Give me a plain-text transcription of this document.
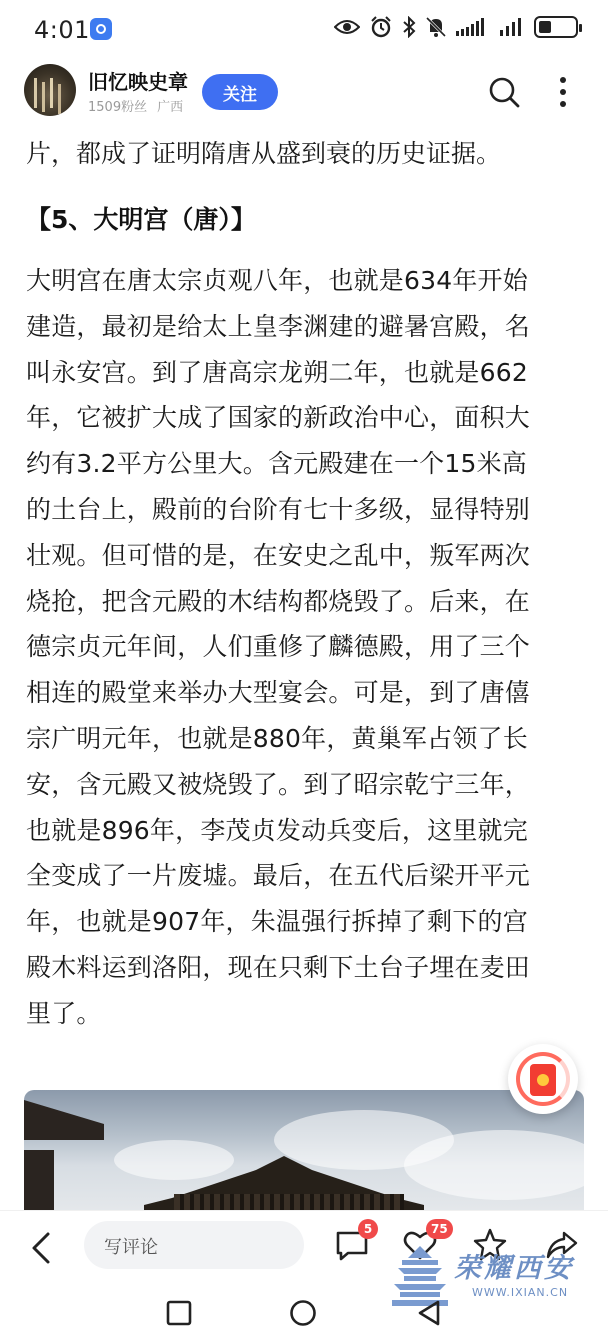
4:01
旧忆映史章
1509粉丝 广西
关注
片，都成了证明隋唐从盛到衰的历史证据。
【5、大明宫（唐）】
大明宫在唐太宗贞观八年，也就是634年开始
建造，最初是给太上皇李渊建的避暑宫殿，名
叫永安宫。到了唐高宗龙朔二年，也就是662
年，它被扩大成了国家的新政治中心，面积大
约有3.2平方公里大。含元殿建在一个15米高
的土台上，殿前的台阶有七十多级，显得特别
壮观。但可惜的是，在安史之乱中，叛军两次
烧抢，把含元殿的木结构都烧毁了。后来，在
德宗贞元年间，人们重修了麟德殿，用了三个
相连的殿堂来举办大型宴会。可是，到了唐僖
宗广明元年，也就是880年，黄巢军占领了长
安，含元殿又被烧毁了。到了昭宗乾宁三年，
也就是896年，李茂贞发动兵变后，这里就完
全变成了一片废墟。最后，在五代后梁开平元
年，也就是907年，朱温强行拆掉了剩下的宫
殿木料运到洛阳，现在只剩下土台子埋在麦田
里了。
写评论
5	75
荣耀西安
WWW.IXIAN.CN
